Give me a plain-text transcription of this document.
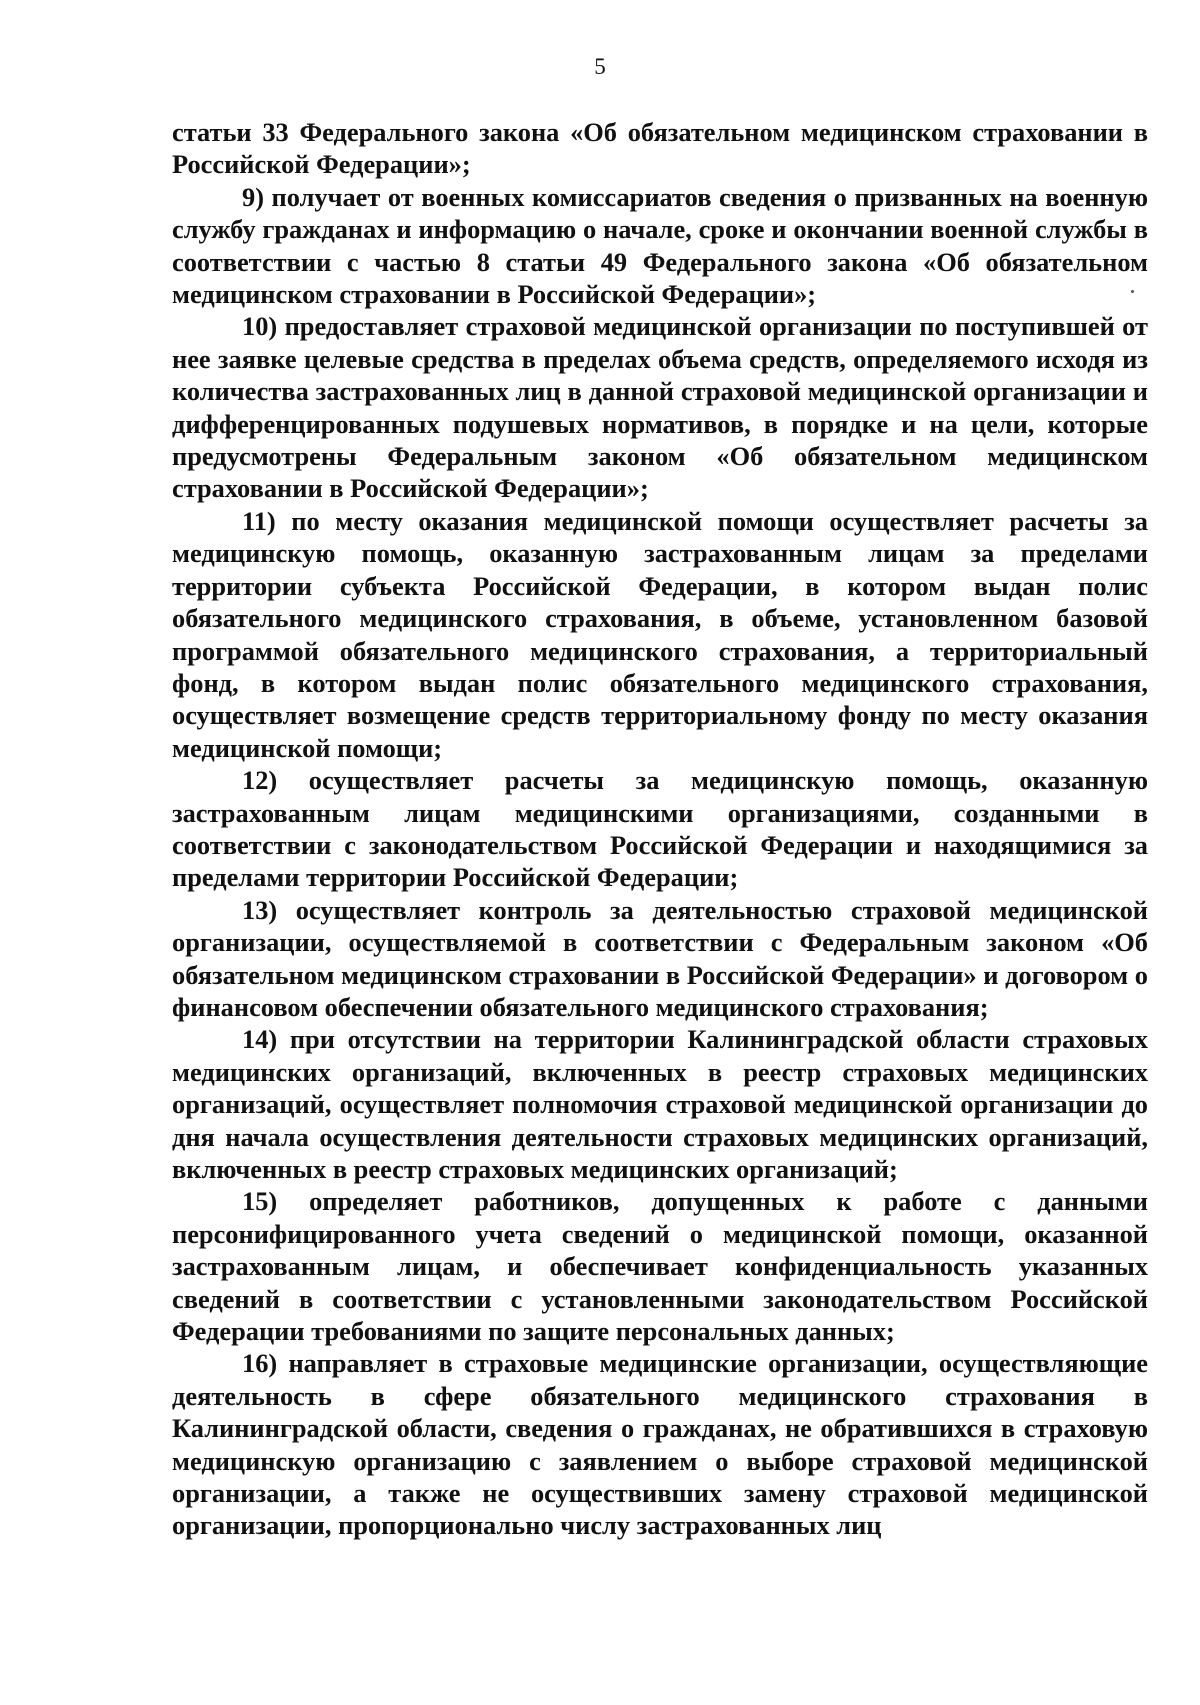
5

статьи 33 Федерального закона «Об обязательном медицинском страховании в Российской Федерации»;

9) получает от военных комиссариатов сведения о призванных на военную службу гражданах и информацию о начале, сроке и окончании военной службы в соответствии с частью 8 статьи 49 Федерального закона «Об обязательном медицинском страховании в Российской Федерации»;

10) предоставляет страховой медицинской организации по поступившей от нее заявке целевые средства в пределах объема средств, определяемого исходя из количества застрахованных лиц в данной страховой медицинской организации и дифференцированных подушевых нормативов, в порядке и на цели, которые предусмотрены Федеральным законом «Об обязательном медицинском страховании в Российской Федерации»;

11) по месту оказания медицинской помощи осуществляет расчеты за медицинскую помощь, оказанную застрахованным лицам за пределами территории субъекта Российской Федерации, в котором выдан полис обязательного медицинского страхования, в объеме, установленном базовой программой обязательного медицинского страхования, а территориальный фонд, в котором выдан полис обязательного медицинского страхования, осуществляет возмещение средств территориальному фонду по месту оказания медицинской помощи;

12) осуществляет расчеты за медицинскую помощь, оказанную застрахованным лицам медицинскими организациями, созданными в соответствии с законодательством Российской Федерации и находящимися за пределами территории Российской Федерации;

13) осуществляет контроль за деятельностью страховой медицинской организации, осуществляемой в соответствии с Федеральным законом «Об обязательном медицинском страховании в Российской Федерации» и договором о финансовом обеспечении обязательного медицинского страхования;

14) при отсутствии на территории Калининградской области страховых медицинских организаций, включенных в реестр страховых медицинских организаций, осуществляет полномочия страховой медицинской организации до дня начала осуществления деятельности страховых медицинских организаций, включенных в реестр страховых медицинских организаций;

15) определяет работников, допущенных к работе с данными персонифицированного учета сведений о медицинской помощи, оказанной застрахованным лицам, и обеспечивает конфиденциальность указанных сведений в соответствии с установленными законодательством Российской Федерации требованиями по защите персональных данных;

16) направляет в страховые медицинские организации, осуществляющие деятельность в сфере обязательного медицинского страхования в Калининградской области, сведения о гражданах, не обратившихся в страховую медицинскую организацию с заявлением о выборе страховой медицинской организации, а также не осуществивших замену страховой медицинской организации, пропорционально числу застрахованных лиц
